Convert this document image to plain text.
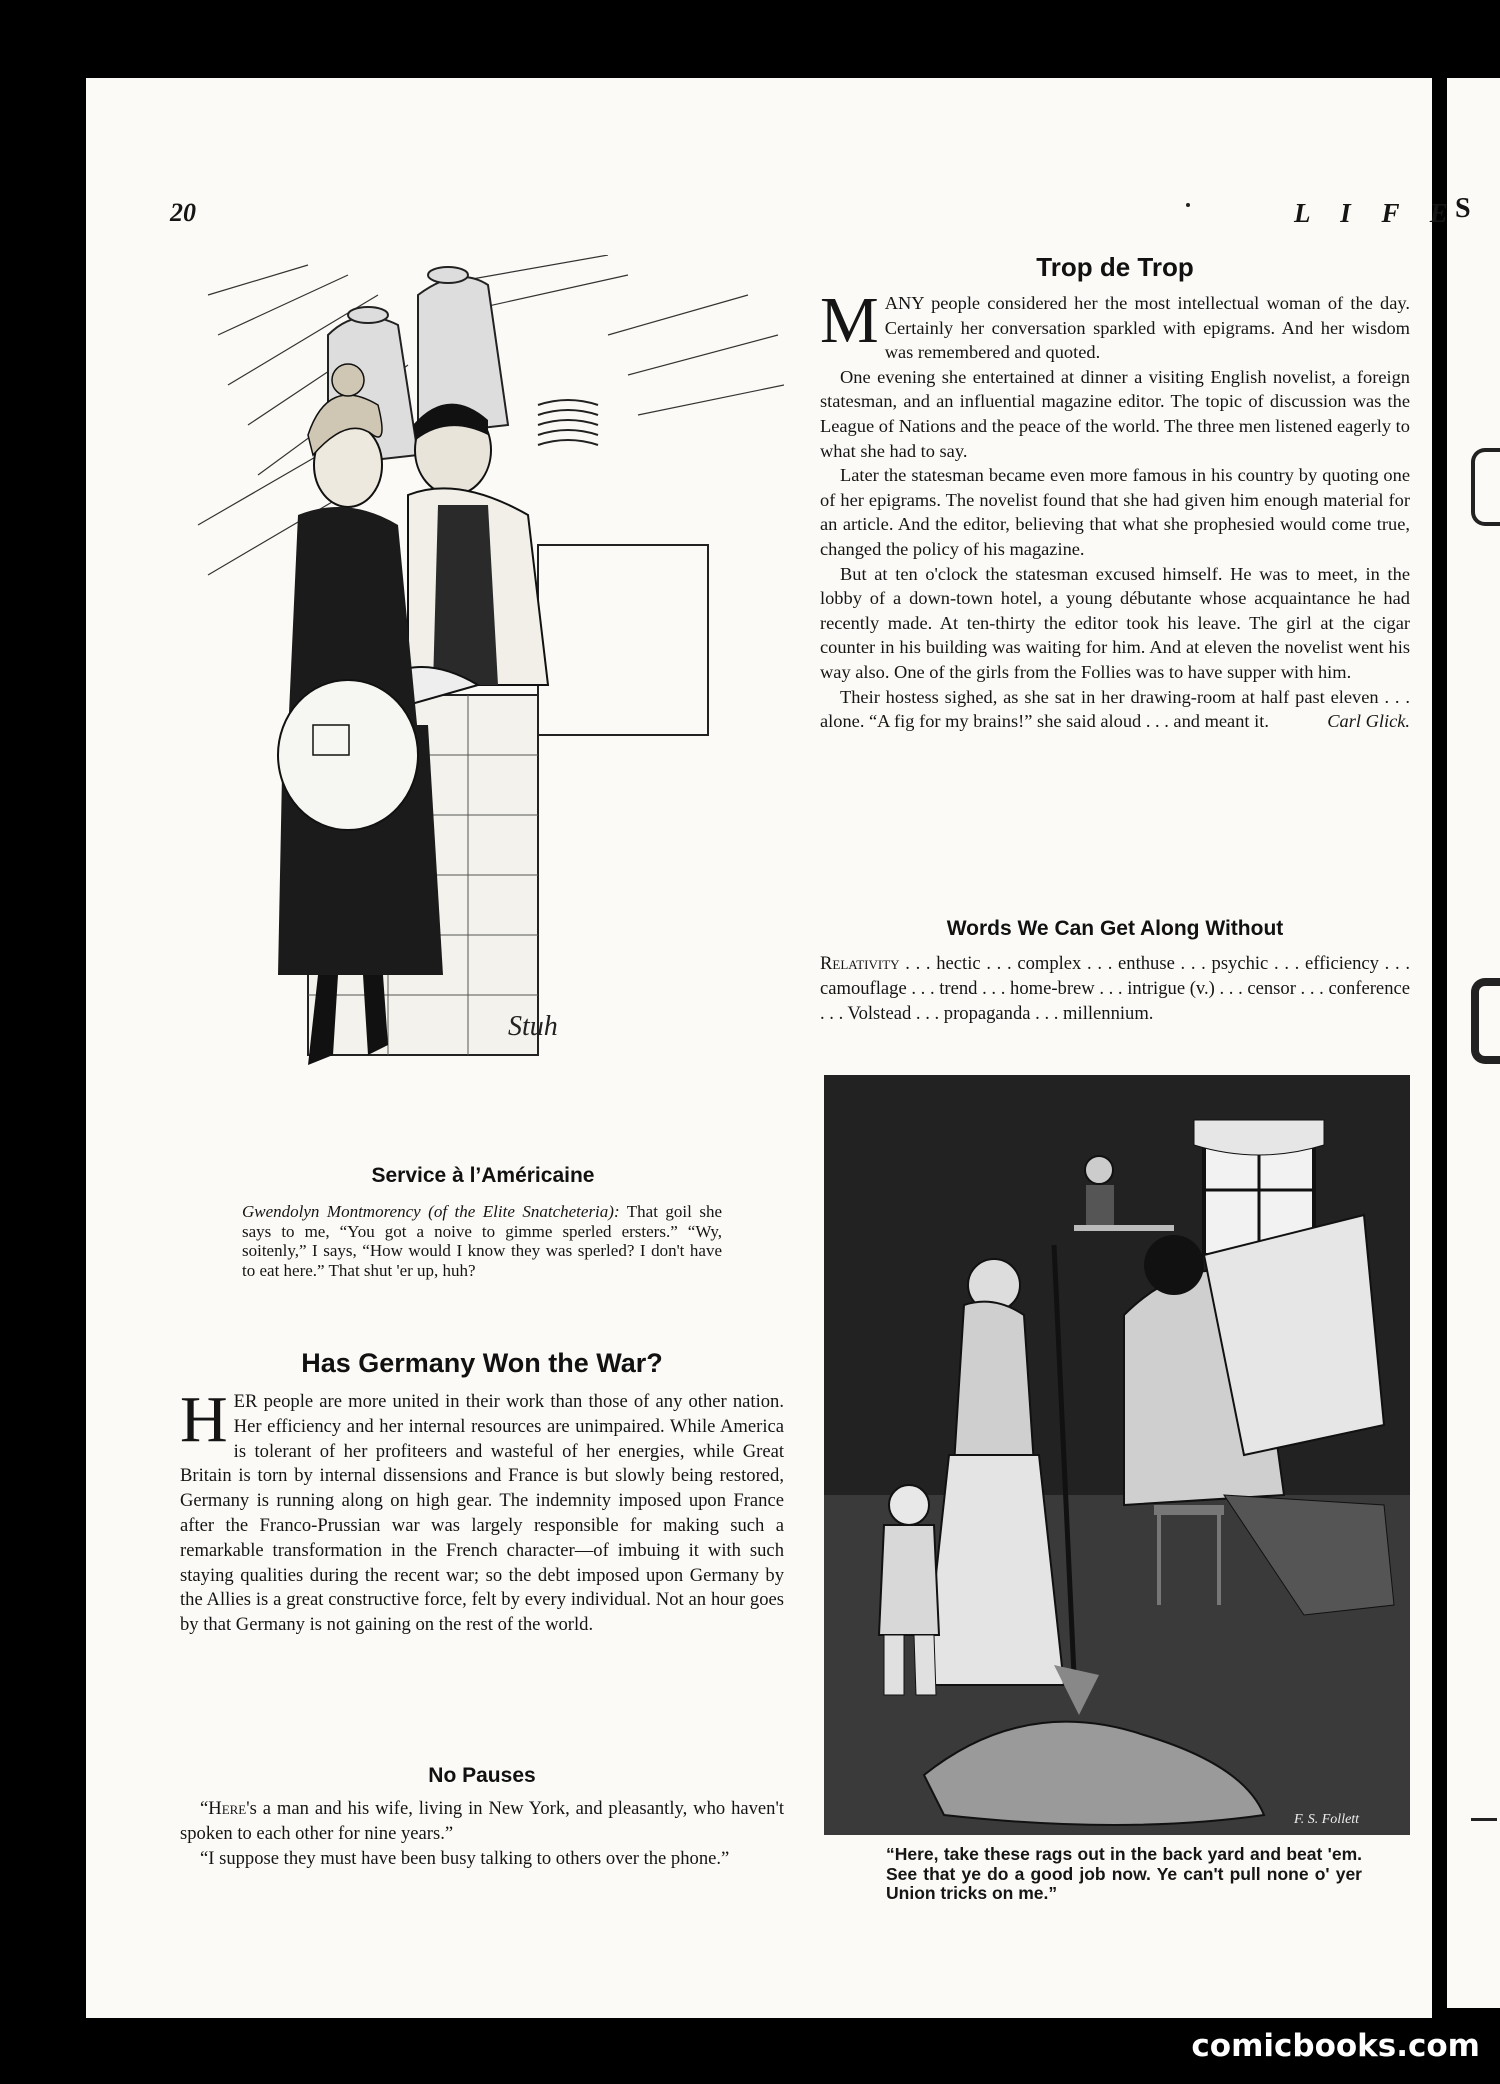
S
20	L I F E
Stuh
Service à l’Américaine
Gwendolyn Montmorency (of the Elite Snatcheteria): That goil she says to me, “You got a noive to gimme sperled ersters.” “Wy, soitenly,” I says, “How would I know they was sperled? I don't have to eat here.” That shut 'er up, huh?
Has Germany Won the War?

HER people are more united in their work than those of any other nation. Her efficiency and her internal resources are unimpaired. While America is tolerant of her profiteers and wasteful of her energies, while Great Britain is torn by internal dissensions and France is but slowly being restored, Germany is running along on high gear. The indemnity imposed upon France after the Franco-Prussian war was largely responsible for making such a remarkable transformation in the French character—of imbuing it with such staying qualities during the recent war; so the debt imposed upon Germany by the Allies is a great constructive force, felt by every individual. Not an hour goes by that Germany is not gaining on the rest of the world.

No Pauses

“Here's a man and his wife, living in New York, and pleasantly, who haven't spoken to each other for nine years.”

“I suppose they must have been busy talking to others over the phone.”

Trop de Trop

MANY people considered her the most intellectual woman of the day. Certainly her conversation sparkled with epigrams. And her wisdom was remembered and quoted.

One evening she entertained at dinner a visiting English novelist, a foreign statesman, and an influential magazine editor. The topic of discussion was the League of Nations and the peace of the world. The three men listened eagerly to what she had to say.

Later the statesman became even more famous in his country by quoting one of her epigrams. The novelist found that she had given him enough material for an article. And the editor, believing that what she prophesied would come true, changed the policy of his magazine.

But at ten o'clock the statesman excused himself. He was to meet, in the lobby of a down-town hotel, a young débutante whose acquaintance he had recently made. At ten-thirty the editor took his leave. The girl at the cigar counter in his building was waiting for him. And at eleven the novelist went his way also. One of the girls from the Follies was to have supper with him.

Their hostess sighed, as she sat in her drawing-room at half past eleven . . . alone. “A fig for my brains!” she said aloud . . . and meant it.	Carl Glick.

Words We Can Get Along Without

Relativity . . . hectic . . . complex . . . enthuse . . . psychic . . . efficiency . . . camouflage . . . trend . . . home-brew . . . intrigue (v.) . . . censor . . . conference . . . Volstead . . . propaganda . . . millennium.

F. S. Follett
“Here, take these rags out in the back yard and beat 'em. See that ye do a good job now. Ye can't pull none o' yer Union tricks on me.”
comicbooks.com
